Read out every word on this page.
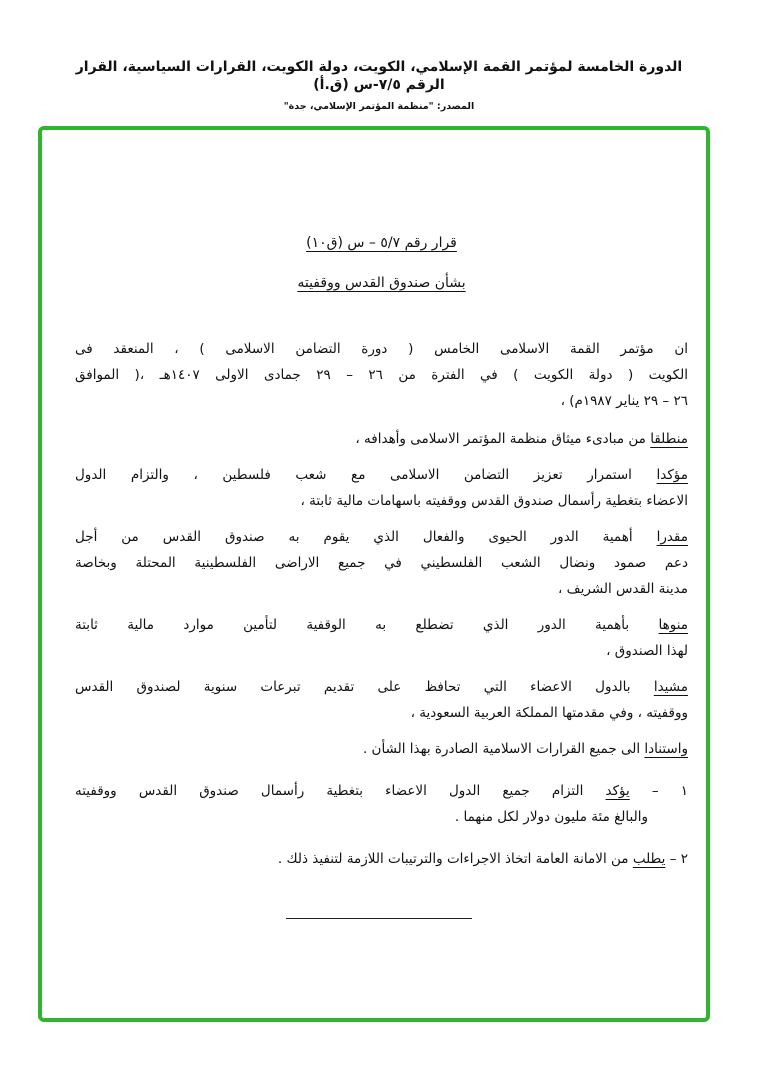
الدورة الخامسة لمؤتمر القمة الإسلامي، الكويت، دولة الكويت، القرارات السياسية، القرار الرقم ٧/٥-س (ق.أ)
المصدر: "منظمة المؤتمر الإسلامي، جدة"
قرار رقم ٥/٧ – س (ق١٠)
بشأن صندوق القدس ووقفيته
ان مؤتمر القمة الاسلامى الخامس ( دورة التضامن الاسلامى ) ، المنعقد فى
الكويت ( دولة الكويت ) في الفترة من ٢٦ – ٢٩ جمادى الاولى ١٤٠٧هـ ،( الموافق
٢٦ – ٢٩ يناير ١٩٨٧م) ،
منطلقا من مبادىء ميثاق منظمة المؤتمر الاسلامى وأهدافه ،
مؤكدا استمرار تعزيز التضامن الاسلامى مع شعب فلسطين ، والتزام الدول
الاعضاء بتغطية رأسمال صندوق القدس ووقفيته باسهامات مالية ثابتة ،
مقدرا أهمية الدور الحيوى والفعال الذي يقوم به صندوق القدس من أجل
دعم صمود ونضال الشعب الفلسطيني في جميع الاراضى الفلسطينية المحتلة وبخاصة
مدينة القدس الشريف ،
منوها بأهمية الدور الذي تضطلع به الوقفية لتأمين موارد مالية ثابتة
لهذا الصندوق ،
مشيدا بالدول الاعضاء التي تحافظ على تقديم تبرعات سنوية لصندوق القدس
ووقفيته ، وفي مقدمتها المملكة العربية السعودية ،
واستنادا الى جميع القرارات الاسلامية الصادرة بهذا الشأن .
١ – يؤكد التزام جميع الدول الاعضاء بتغطية رأسمال صندوق القدس ووقفيته
والبالغ مئة مليون دولار لكل منهما .
٢ – يطلب من الامانة العامة اتخاذ الاجراءات والترتيبات اللازمة لتنفيذ ذلك .
